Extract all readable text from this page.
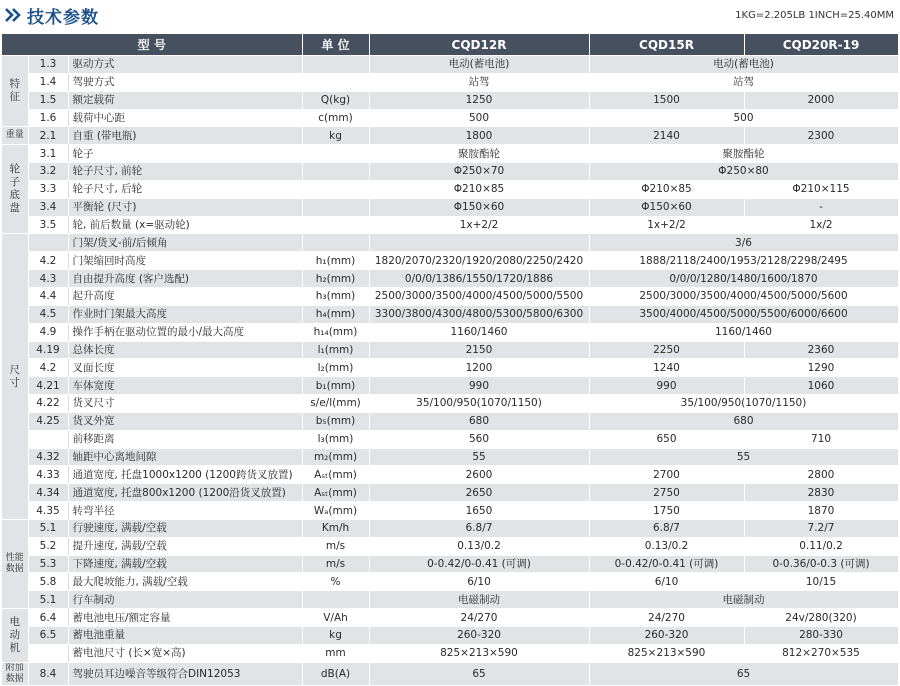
技术参数	1KG=2.205LB 1INCH=25.40MM
型 号			单 位	CQD12R	CQD15R	CQD20R-19

特征	1.3	驱动方式		电动(蓄电池)	电动(蓄电池)	
	1.4	驾驶方式		站驾	站驾	
	1.5	额定载荷	Q(kg)	1250	1500	2000
	1.6	载荷中心距	c(mm)	500	500	

重量	2.1	自重 (带电瓶)	kg	1800	2140	2300

轮子底盘	3.1	轮子		聚胺酯轮	聚胺酯轮	
	3.2	轮子尺寸, 前轮		Φ250×70	Φ250×80	
	3.3	轮子尺寸, 后轮		Φ210×85	Φ210×85	Φ210×115
	3.4	平衡轮 (尺寸)		Φ150×60	Φ150×60	-
	3.5	轮, 前后数量 (x=驱动轮)		1x+2/2	1x+2/2	1x/2

尺寸		门架/货叉-前/后倾角			3/6	
	4.2	门架缩回时高度	h₁(mm)	1820/2070/2320/1920/2080/2250/2420	1888/2118/2400/1953/2128/2298/2495	
	4.3	自由提升高度 (客户选配)	h₂(mm)	0/0/0/1386/1550/1720/1886	0/0/0/1280/1480/1600/1870	
	4.4	起升高度	h₃(mm)	2500/3000/3500/4000/4500/5000/5500	2500/3000/3500/4000/4500/5000/5600	
	4.5	作业时门架最大高度	h₄(mm)	3300/3800/4300/4800/5300/5800/6300	3500/4000/4500/5000/5500/6000/6600	
	4.9	操作手柄在驱动位置的最小/最大高度	h₁₄(mm)	1160/1460	1160/1460	
	4.19	总体长度	l₁(mm)	2150	2250	2360
	4.2	叉面长度	l₂(mm)	1200	1240	1290
	4.21	车体宽度	b₁(mm)	990	990	1060
	4.22	货叉尺寸	s/e/l(mm)	35/100/950(1070/1150)	35/100/950(1070/1150)	
	4.25	货叉外宽	b₅(mm)	680	680	
		前移距离	l₃(mm)	560	650	710
	4.32	轴距中心离地间隙	m₂(mm)	55	55	
	4.33	通道宽度, 托盘1000x1200 (1200跨货叉放置)	Aₛₜ(mm)	2600	2700	2800
	4.34	通道宽度, 托盘800x1200 (1200沿货叉放置)	Aₛₜ(mm)	2650	2750	2830
	4.35	转弯半径	Wₐ(mm)	1650	1750	1870

性能数据	5.1	行驶速度, 满载/空载	Km/h	6.8/7	6.8/7	7.2/7
	5.2	提升速度, 满载/空载	m/s	0.13/0.2	0.13/0.2	0.11/0.2
	5.3	下降速度, 满载/空载	m/s	0-0.42/0-0.41 (可调)	0-0.42/0-0.41 (可调)	0-0.36/0-0.3 (可调)
	5.8	最大爬坡能力, 满载/空载	%	6/10	6/10	10/15
	5.1	行车制动		电磁制动	电磁制动	

电动机	6.4	蓄电池电压/额定容量	V/Ah	24/270	24/270	24v/280(320)
	6.5	蓄电池重量	kg	260-320	260-320	280-330
		蓄电池尺寸 (长×宽×高)	mm	825×213×590	825×213×590	812×270×535

附加数据	8.4	驾驶员耳边噪音等级符合DIN12053	dB(A)	65	65	
